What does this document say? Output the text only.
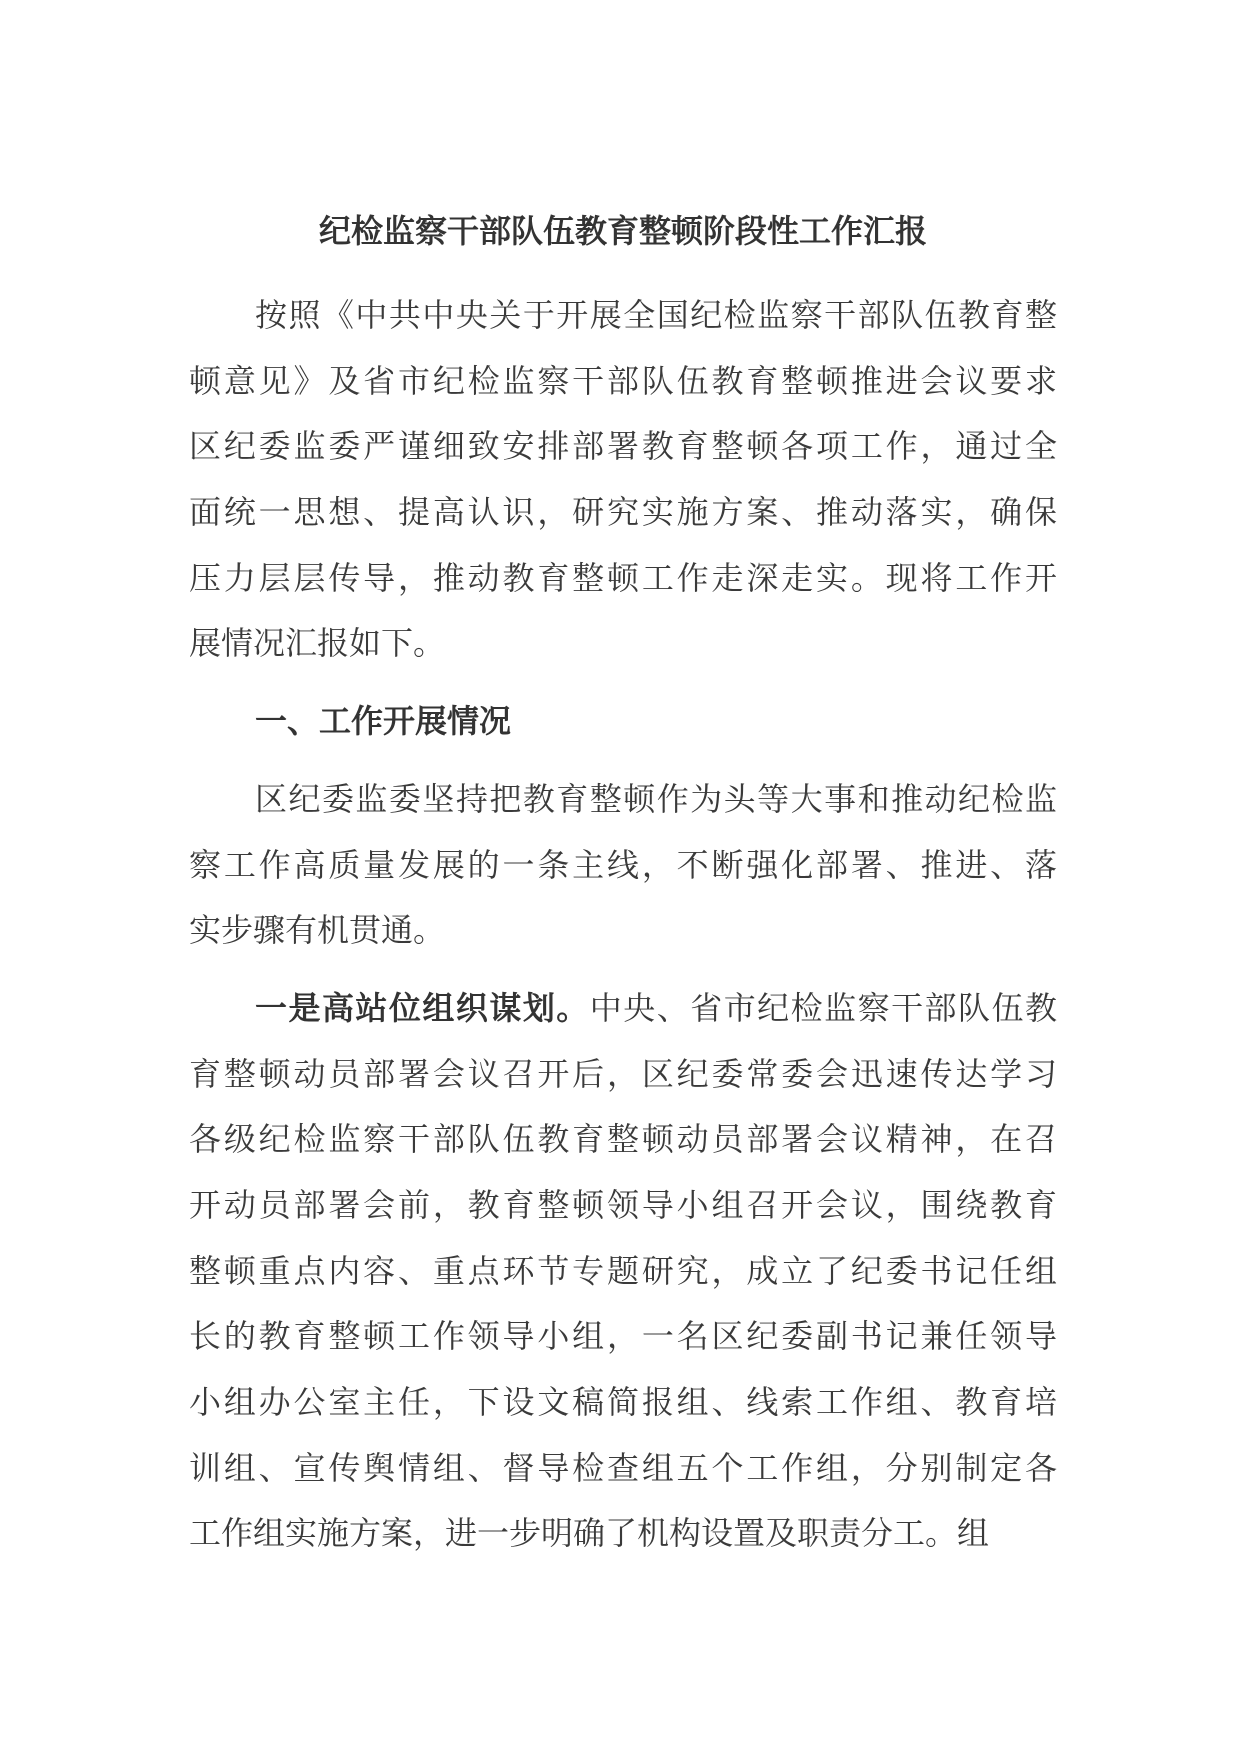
纪检监察干部队伍教育整顿阶段性工作汇报
按照《中共中央关于开展全国纪检监察干部队伍教育整
顿意见》及省市纪检监察干部队伍教育整顿推进会议要求
区纪委监委严谨细致安排部署教育整顿各项工作，通过全
面统一思想、提高认识，研究实施方案、推动落实，确保
压力层层传导，推动教育整顿工作走深走实。现将工作开
展情况汇报如下。
一、工作开展情况
区纪委监委坚持把教育整顿作为头等大事和推动纪检监
察工作高质量发展的一条主线，不断强化部署、推进、落
实步骤有机贯通。
一是高站位组织谋划。中央、省市纪检监察干部队伍教
育整顿动员部署会议召开后，区纪委常委会迅速传达学习
各级纪检监察干部队伍教育整顿动员部署会议精神，在召
开动员部署会前，教育整顿领导小组召开会议，围绕教育
整顿重点内容、重点环节专题研究，成立了纪委书记任组
长的教育整顿工作领导小组，一名区纪委副书记兼任领导
小组办公室主任，下设文稿简报组、线索工作组、教育培
训组、宣传舆情组、督导检查组五个工作组，分别制定各
工作组实施方案，进一步明确了机构设置及职责分工。组
